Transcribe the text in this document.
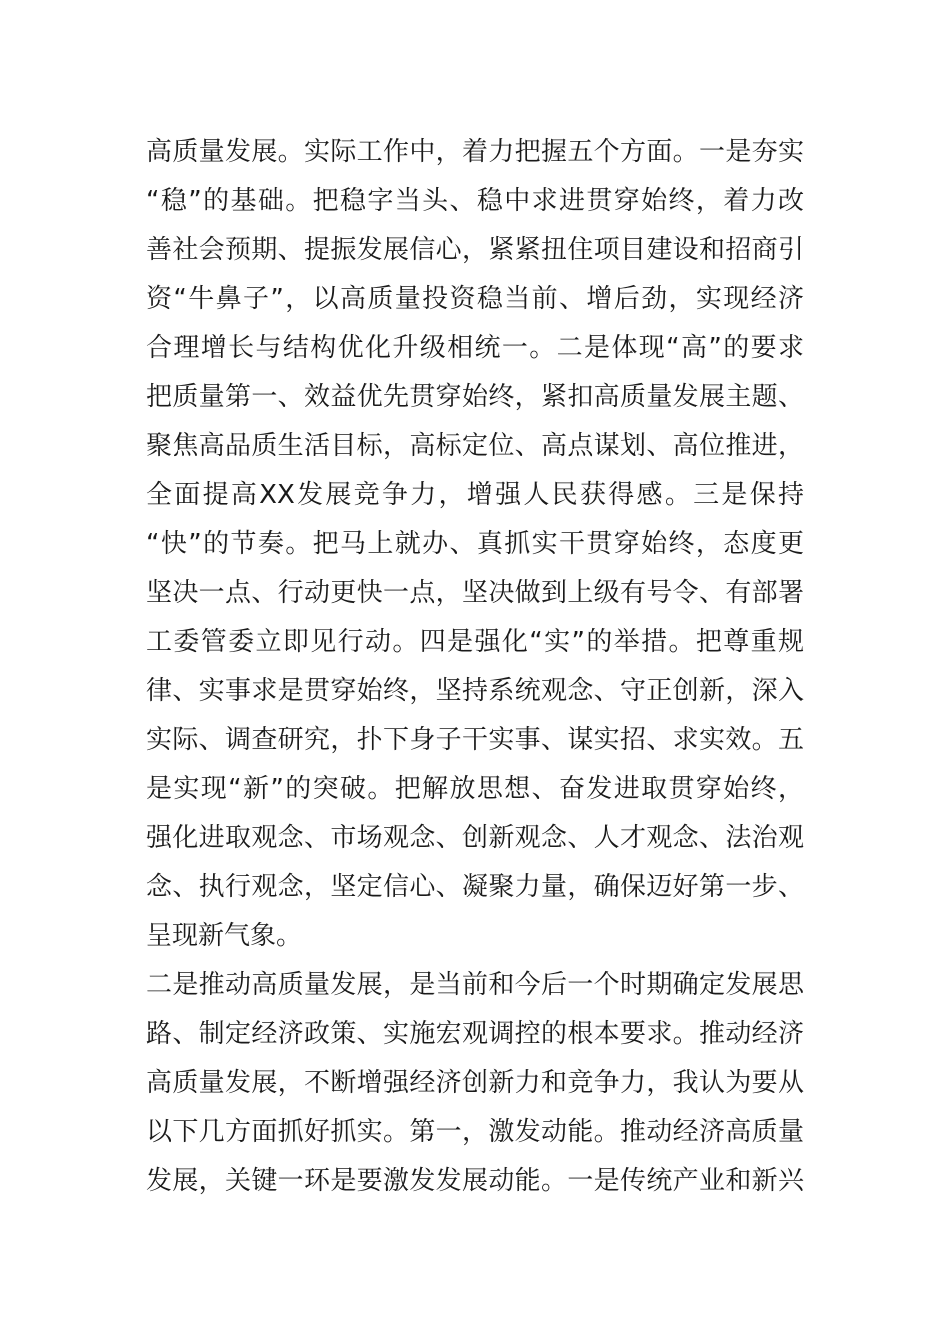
高质量发展。实际工作中，着力把握五个方面。一是夯实
“稳”的基础。把稳字当头、稳中求进贯穿始终，着力改
善社会预期、提振发展信心，紧紧扭住项目建设和招商引
资“牛鼻子”，以高质量投资稳当前、增后劲，实现经济
合理增长与结构优化升级相统一。二是体现“高”的要求
把质量第一、效益优先贯穿始终，紧扣高质量发展主题、
聚焦高品质生活目标，高标定位、高点谋划、高位推进，
全面提高XX发展竞争力，增强人民获得感。三是保持
“快”的节奏。把马上就办、真抓实干贯穿始终，态度更
坚决一点、行动更快一点，坚决做到上级有号令、有部署
工委管委立即见行动。四是强化“实”的举措。把尊重规
律、实事求是贯穿始终，坚持系统观念、守正创新，深入
实际、调查研究，扑下身子干实事、谋实招、求实效。五
是实现“新”的突破。把解放思想、奋发进取贯穿始终，
强化进取观念、市场观念、创新观念、人才观念、法治观
念、执行观念，坚定信心、凝聚力量，确保迈好第一步、
呈现新气象。
二是推动高质量发展，是当前和今后一个时期确定发展思
路、制定经济政策、实施宏观调控的根本要求。推动经济
高质量发展，不断增强经济创新力和竞争力，我认为要从
以下几方面抓好抓实。第一，激发动能。推动经济高质量
发展，关键一环是要激发发展动能。一是传统产业和新兴
